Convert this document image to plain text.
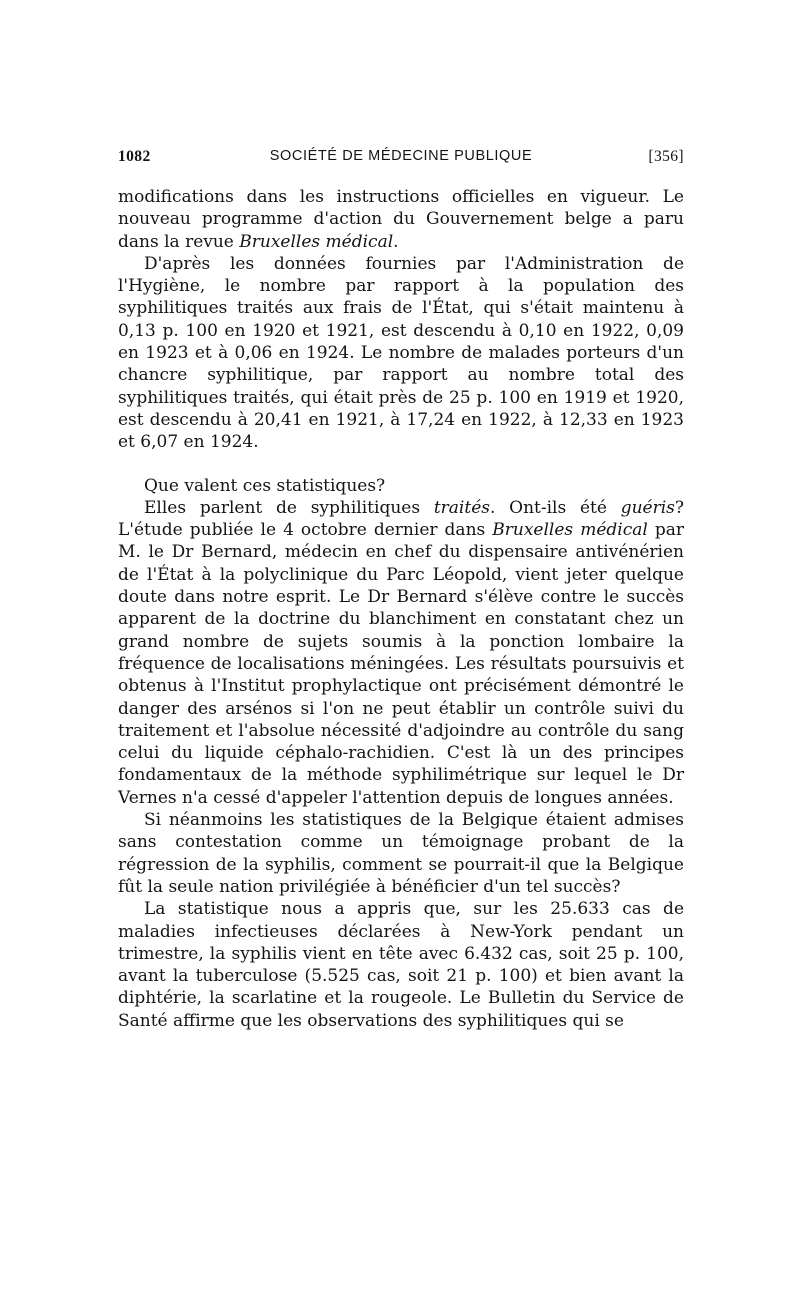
1082	SOCIÉTÉ DE MÉDECINE PUBLIQUE	[356]

modifications dans les instructions officielles en vigueur. Le nouveau programme d'action du Gouvernement belge a paru dans la revue Bruxelles médical.

D'après les données fournies par l'Administration de l'Hygiène, le nombre par rapport à la population des syphilitiques traités aux frais de l'État, qui s'était maintenu à 0,13 p. 100 en 1920 et 1921, est descendu à 0,10 en 1922, 0,09 en 1923 et à 0,06 en 1924. Le nombre de malades porteurs d'un chancre syphilitique, par rapport au nombre total des syphilitiques traités, qui était près de 25 p. 100 en 1919 et 1920, est descendu à 20,41 en 1921, à 17,24 en 1922, à 12,33 en 1923 et 6,07 en 1924.

Que valent ces statistiques?

Elles parlent de syphilitiques traités. Ont-ils été guéris? L'étude publiée le 4 octobre dernier dans Bruxelles médical par M. le Dr Bernard, médecin en chef du dispensaire antivénérien de l'État à la polyclinique du Parc Léopold, vient jeter quelque doute dans notre esprit. Le Dr Bernard s'élève contre le succès apparent de la doctrine du blanchiment en constatant chez un grand nombre de sujets soumis à la ponction lombaire la fréquence de localisations méningées. Les résultats poursuivis et obtenus à l'Institut prophylactique ont précisément démontré le danger des arsénos si l'on ne peut établir un contrôle suivi du traitement et l'absolue nécessité d'adjoindre au contrôle du sang celui du liquide céphalo-rachidien. C'est là un des principes fondamentaux de la méthode syphilimétrique sur lequel le Dr Vernes n'a cessé d'appeler l'attention depuis de longues années.

Si néanmoins les statistiques de la Belgique étaient admises sans contestation comme un témoignage probant de la régression de la syphilis, comment se pourrait-il que la Belgique fût la seule nation privilégiée à bénéficier d'un tel succès?

La statistique nous a appris que, sur les 25.633 cas de maladies infectieuses déclarées à New-York pendant un trimestre, la syphilis vient en tête avec 6.432 cas, soit 25 p. 100, avant la tuberculose (5.525 cas, soit 21 p. 100) et bien avant la diphtérie, la scarlatine et la rougeole. Le Bulletin du Service de Santé affirme que les observations des syphilitiques qui se
